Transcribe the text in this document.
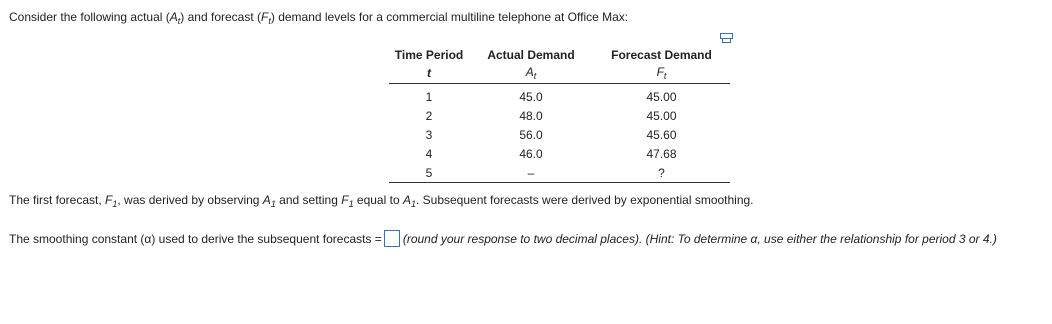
Consider the following actual $(A_t)$ and forecast $(F_t)$ demand levels for a commercial multiline telephone at Office Max:
Time Period	Actual Demand	Forecast Demand
t	$A_t$	$F_t$
1	45.0	45.00
2	48.0	45.00
3	56.0	45.60
4	46.0	47.68
5	–	?
The first forecast, $F_1$, was derived by observing $A_1$ and setting $F_1$ equal to $A_1$. Subsequent forecasts were derived by exponential smoothing.
The smoothing constant (α) used to derive the subsequent forecasts = (round your response to two decimal places). (Hint: To determine α, use either the relationship for period 3 or 4.)
